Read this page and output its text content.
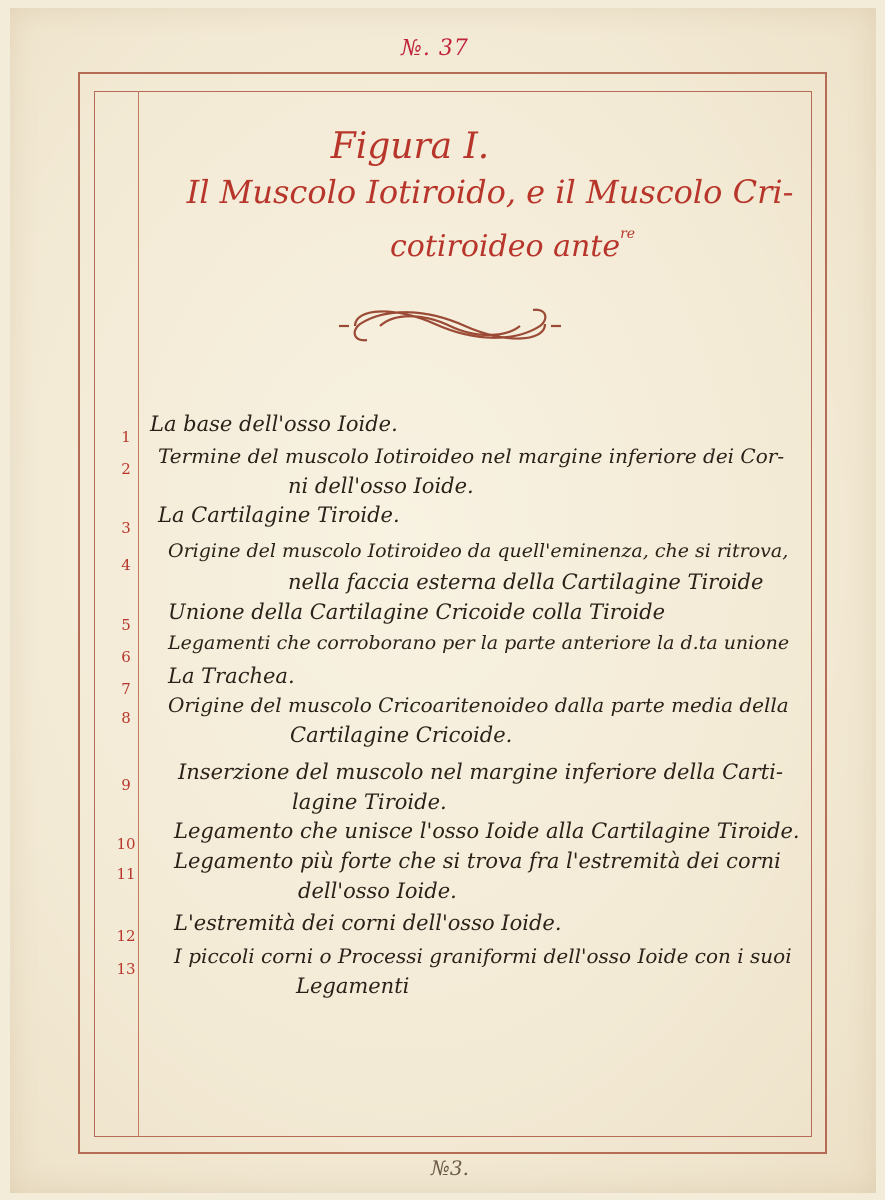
№. 37
Figura I.
Il Muscolo Iotiroido, e il Muscolo Cri-
cotiroideo ante$^{re}$
1
La base dell'osso Ioide.
2
Termine del muscolo Iotiroideo nel margine inferiore dei Cor-
ni dell'osso Ioide.
3
La Cartilagine Tiroide.
4
Origine del muscolo Iotiroideo da quell'eminenza, che si ritrova,
nella faccia esterna della Cartilagine Tiroide
5
Unione della Cartilagine Cricoide colla Tiroide
6
Legamenti che corroborano per la parte anteriore la d.ta unione
7
La Trachea.
8
Origine del muscolo Cricoaritenoideo dalla parte media della
Cartilagine Cricoide.
9
Inserzione del muscolo nel margine inferiore della Carti-
lagine Tiroide.
10
Legamento che unisce l'osso Ioide alla Cartilagine Tiroide.
11
Legamento più forte che si trova fra l'estremità dei corni
dell'osso Ioide.
12
L'estremità dei corni dell'osso Ioide.
13
I piccoli corni o Processi graniformi dell'osso Ioide con i suoi
Legamenti
№3.
